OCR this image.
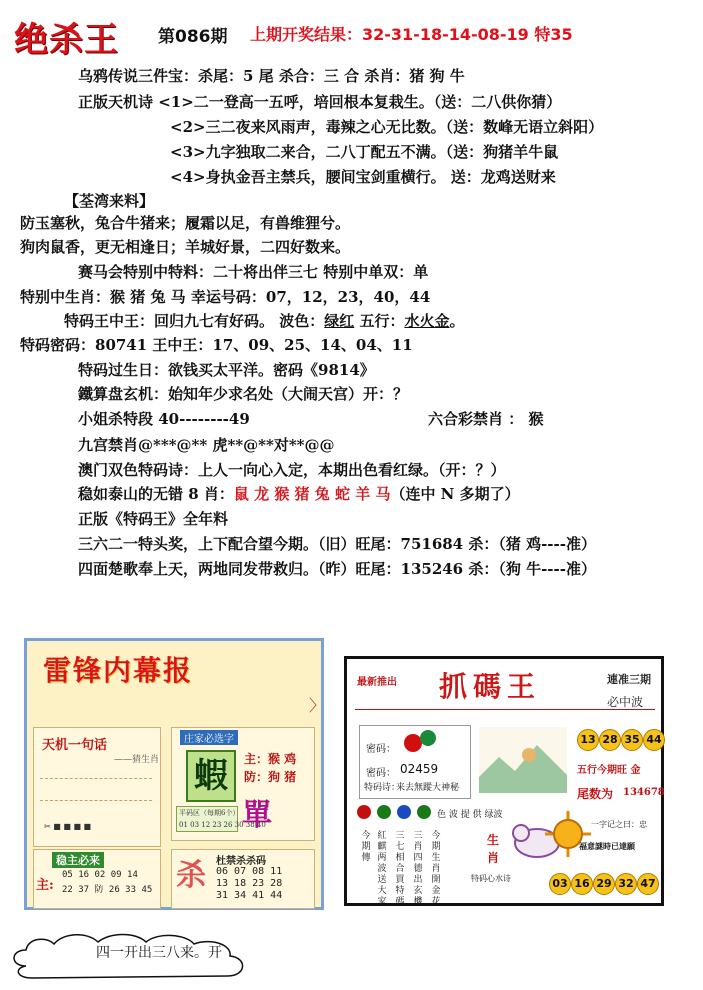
绝杀王 第086期 上期开奖结果：32-31-18-14-08-19 特35
乌鸦传说三件宝：杀尾：5 尾 杀合：三 合 杀肖：猪 狗 牛
正版天机诗 <1>二一登高一五呼，培回根本复栽生。（送：二八供你猜）
<2>三二夜来风雨声，毒辣之心无比数。（送：数峰无语立斜阳）
<3>九字独取二来合，二八丁配五不满。（送：狗猪羊牛鼠
<4>身执金吾主禁兵，腰间宝剑重横行。 送：龙鸡送财来
【荃湾来料】
防玉塞秋，兔合牛猪来；履霜以足，有兽维狸兮。
狗肉鼠香，更无相逢日；羊城好景，二四好数来。
赛马会特别中特料：二十将出伴三七 特别中单双：单
特别中生肖：猴 猪 兔 马 幸运号码：07，12，23，40，44
特码王中王：回归九七有好码。 波色：绿红 五行：水火金。
特码密码：80741 王中王：17、09、25、14、04、11
特码过生日：欲钱买太平洋。密码《9814》
鐵算盘玄机：始知年少求名处（大闹天宫）开：？
小姐杀特段 40--------49	六合彩禁肖 ： 猴
九宫禁肖@***@** 虎**@**对**@@
澳门双色特码诗：上人一向心入定，本期出色看红绿。（开：？）
稳如泰山的无错 8 肖：鼠 龙 猴 猪 兔 蛇 羊 马（连中 N 多期了）
正版《特码王》全年料
三六二一特头奖，上下配合望今期。（旧）旺尾：751684 杀：（猪 鸡----准）
四面楚歌奉上天，两地同发带救归。（昨）旺尾：135246 杀：（狗 牛----准）
雷锋内幕报
〉
天机一句话
——猜生肖
✂ ■ ■ ■ ■
庄家必选字
蝦	主：猴 鸡
防：狗 猪
單
平码区（每期6个）
01 03 12 23 26 30 38 40
稳主必来
主:
05 16 02 09 14
22 37 防 26 33 45 杀 杜禁杀杀码
06 07 08 11
13 18 23 28
31 34 41 44
最新推出 抓碼王	連准三期
必中波
密码：
密码： 02459
特码诗：
来去無蹤大神秘
13 28 35 44
五行今期旺 金
尾数为 134678
色 波 提 供 绿波
今期傳
紅麒两波送大家
三七相合買特碼
三肖四德出玄機
今期生肖開金花
生
肖
一字记之曰：忠
福意謎時已達願
特码心水诗	03 16 29 32 47
四一开出三八来。开
